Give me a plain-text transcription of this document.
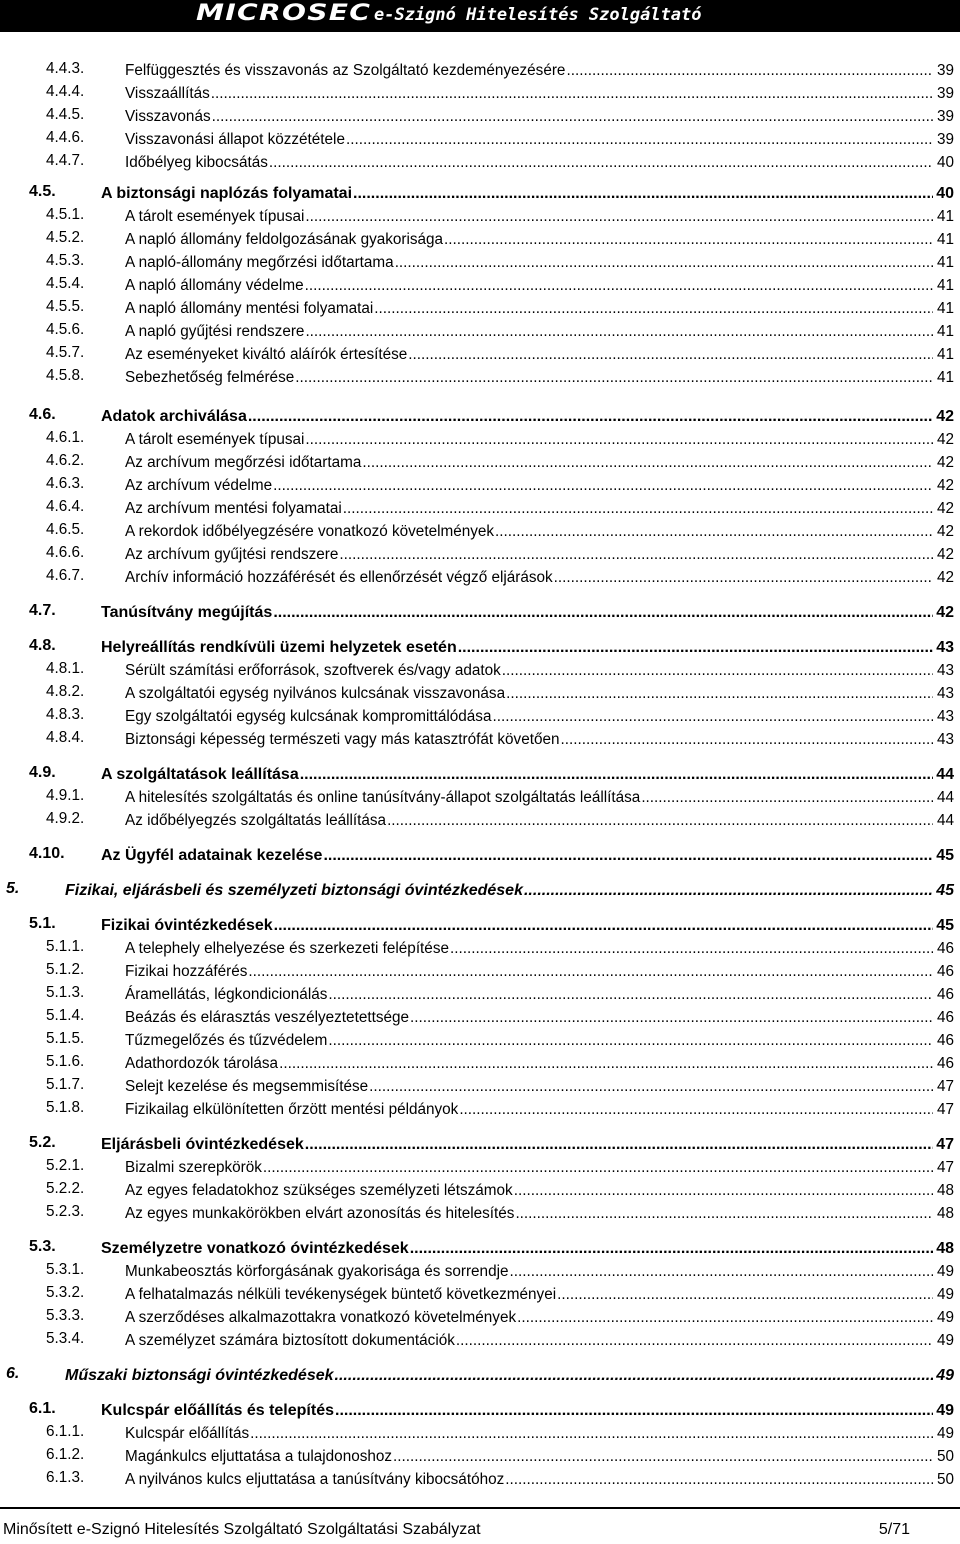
MICROSEC e-Szignó Hitelesítés Szolgáltató
4.4.3.	Felfüggesztés és visszavonás az Szolgáltató kezdeményezésére .....	39
4.4.4.	Visszaállítás .....	39
4.4.5.	Visszavonás .....	39
4.4.6.	Visszavonási állapot közzététele .....	39
4.4.7.	Időbélyeg kibocsátás .....	40
4.5.	A biztonsági naplózás folyamatai .....	40
4.5.1.	A tárolt események típusai .....	41
4.5.2.	A napló állomány feldolgozásának gyakorisága .....	41
4.5.3.	A napló-állomány megőrzési időtartama .....	41
4.5.4.	A napló állomány védelme .....	41
4.5.5.	A napló állomány mentési folyamatai .....	41
4.5.6.	A napló gyűjtési rendszere .....	41
4.5.7.	Az eseményeket kiváltó aláírók értesítése .....	41
4.5.8.	Sebezhetőség felmérése .....	41
4.6.	Adatok archiválása .....	42
4.6.1.	A tárolt események típusai .....	42
4.6.2.	Az archívum megőrzési időtartama .....	42
4.6.3.	Az archívum védelme .....	42
4.6.4.	Az archívum mentési folyamatai .....	42
4.6.5.	A rekordok időbélyegzésére vonatkozó követelmények .....	42
4.6.6.	Az archívum gyűjtési rendszere .....	42
4.6.7.	Archív információ hozzáférését és ellenőrzését végző eljárások .....	42
4.7.	Tanúsítvány megújítás .....	42
4.8.	Helyreállítás rendkívüli üzemi helyzetek esetén .....	43
4.8.1.	Sérült számítási erőforrások, szoftverek és/vagy adatok .....	43
4.8.2.	A szolgáltatói egység nyilvános kulcsának visszavonása .....	43
4.8.3.	Egy szolgáltatói egység kulcsának kompromittálódása .....	43
4.8.4.	Biztonsági képesség természeti vagy más katasztrófát követően .....	43
4.9.	A szolgáltatások leállítása .....	44
4.9.1.	A hitelesítés szolgáltatás és online tanúsítvány-állapot szolgáltatás leállítása .....	44
4.9.2.	Az időbélyegzés szolgáltatás leállítása .....	44
4.10. Az Ügyfél adatainak kezelése .....	45
5.	Fizikai, eljárásbeli és személyzeti biztonsági óvintézkedések .....	45
5.1.	Fizikai óvintézkedések .....	45
5.1.1.	A telephely elhelyezése és szerkezeti felépítése .....	46
5.1.2.	Fizikai hozzáférés .....	46
5.1.3.	Áramellátás, légkondicionálás .....	46
5.1.4.	Beázás és elárasztás veszélyeztetettsége .....	46
5.1.5.	Tűzmegelőzés és tűzvédelem .....	46
5.1.6.	Adathordozók tárolása .....	46
5.1.7.	Selejt kezelése és megsemmisítése .....	47
5.1.8.	Fizikailag elkülönítetten őrzött mentési példányok .....	47
5.2.	Eljárásbeli óvintézkedések .....	47
5.2.1.	Bizalmi szerepkörök .....	47
5.2.2.	Az egyes feladatokhoz szükséges személyzeti létszámok .....	48
5.2.3.	Az egyes munkakörökben elvárt azonosítás és hitelesítés .....	48
5.3.	Személyzetre vonatkozó óvintézkedések .....	48
5.3.1.	Munkabeosztás körforgásának gyakorisága és sorrendje .....	49
5.3.2.	A felhatalmazás nélküli tevékenységek büntető következményei .....	49
5.3.3.	A szerződéses alkalmazottakra vonatkozó követelmények .....	49
5.3.4.	A személyzet számára biztosított dokumentációk .....	49
6.	Műszaki biztonsági óvintézkedések .....	49
6.1.	Kulcspár előállítás és telepítés .....	49
6.1.1.	Kulcspár előállítás .....	49
6.1.2.	Magánkulcs eljuttatása a tulajdonoshoz .....	50
6.1.3.	A nyilvános kulcs eljuttatása a tanúsítvány kibocsátóhoz .....	50
Minősített e-Szignó Hitelesítés Szolgáltató Szolgáltatási Szabályzat	5/71
